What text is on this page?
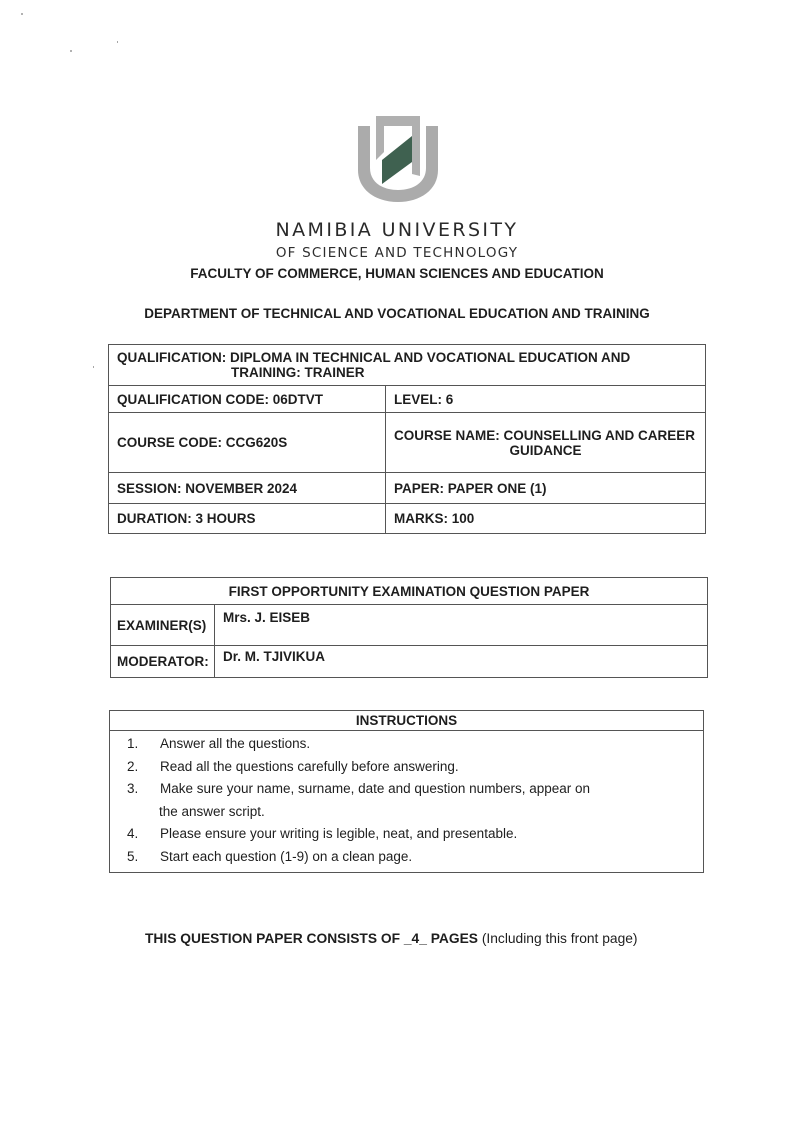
NAMIBIA UNIVERSITY
OF SCIENCE AND TECHNOLOGY
FACULTY OF COMMERCE, HUMAN SCIENCES AND EDUCATION
DEPARTMENT OF TECHNICAL AND VOCATIONAL EDUCATION AND TRAINING
QUALIFICATION: DIPLOMA IN TECHNICAL AND VOCATIONAL EDUCATION AND
TRAINING: TRAINER	

QUALIFICATION CODE: 06DTVT	LEVEL: 6
COURSE CODE: CCG620S	COURSE NAME: COUNSELLING AND CAREER
GUIDANCE

SESSION: NOVEMBER 2024	PAPER: PAPER ONE (1)
DURATION: 3 HOURS	MARKS: 100
FIRST OPPORTUNITY EXAMINATION QUESTION PAPER	
EXAMINER(S)	Mrs. J. EISEB
MODERATOR:	Dr. M. TJIVIKUA
INSTRUCTIONS

1.	Answer all the questions.
2.	Read all the questions carefully before answering.
3.	Make sure your name, surname, date and question numbers, appear on
the answer script.
4.	Please ensure your writing is legible, neat, and presentable.
5.	Start each question (1-9) on a clean page.
THIS QUESTION PAPER CONSISTS OF _4_ PAGES (Including this front page)
